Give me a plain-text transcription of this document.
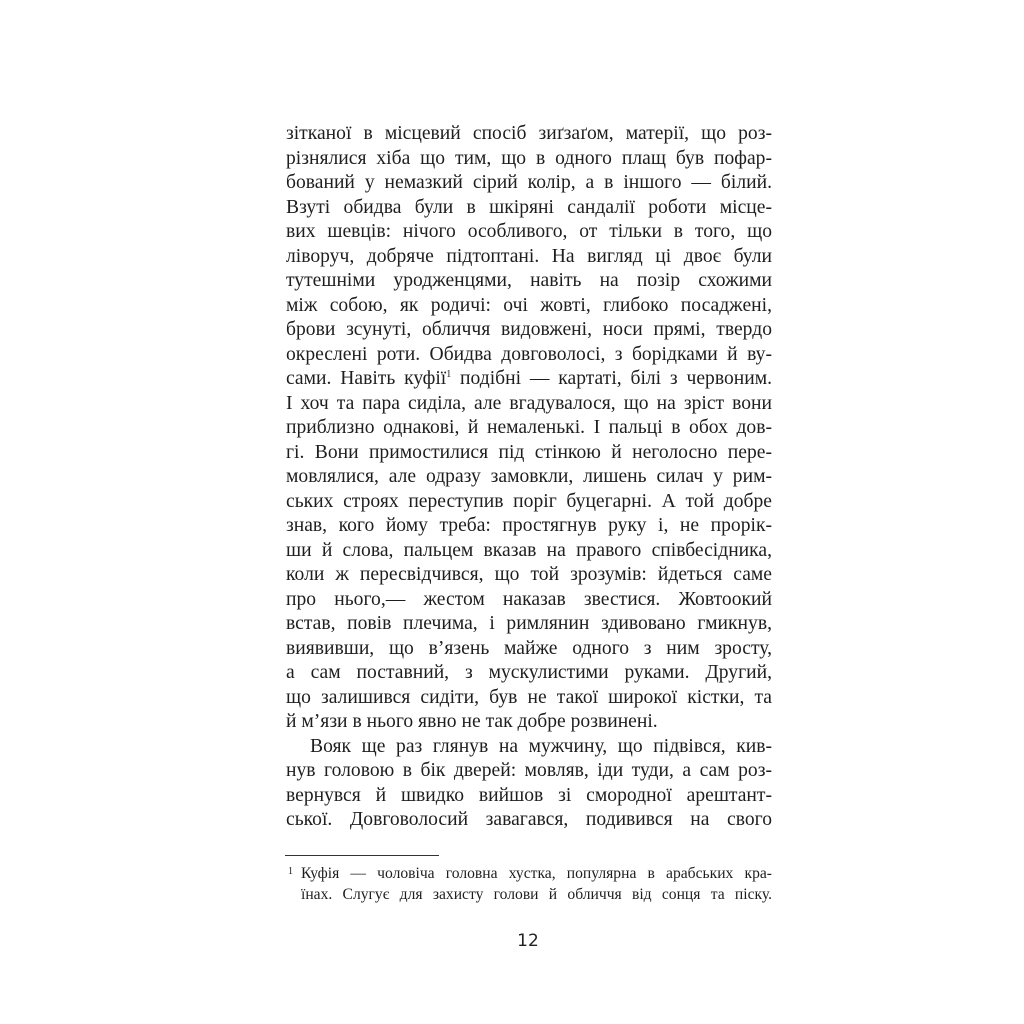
зітканої в місцевий спосіб зиґзаґом, матерії, що роз-
різнялися хіба що тим, що в одного плащ був пофар-
бований у немазкий сірий колір, а в іншого — білий.
Взуті обидва були в шкіряні сандалії роботи місце-
вих шевців: нічого особливого, от тільки в того, що
ліворуч, добряче підтоптані. На вигляд ці двоє були
тутешніми уродженцями, навіть на позір схожими
між собою, як родичі: очі жовті, глибоко посаджені,
брови зсунуті, обличчя видовжені, носи прямі, твердо
окреслені роти. Обидва довговолосі, з борідками й ву-
сами. Навіть куфії$^1$ подібні — картаті, білі з червоним.
І хоч та пара сиділа, але вгадувалося, що на зріст вони
приблизно однакові, й немаленькі. І пальці в обох дов-
гі. Вони примостилися під стінкою й неголосно пере-
мовлялися, але одразу замовкли, лишень силач у рим-
ських строях переступив поріг буцегарні. А той добре
знав, кого йому треба: простягнув руку і, не прорік-
ши й слова, пальцем вказав на правого співбесідника,
коли ж пересвідчився, що той зрозумів: йдеться саме
про нього,— жестом наказав звестися. Жовтоокий
встав, повів плечима, і римлянин здивовано гмикнув,
виявивши, що в’язень майже одного з ним зросту,
а сам поставний, з мускулистими руками. Другий,
що залишився сидіти, був не такої широкої кістки, та
й м’язи в нього явно не так добре розвинені.
Вояк ще раз глянув на мужчину, що підвівся, кив-
нув головою в бік дверей: мовляв, іди туди, а сам роз-
вернувся й швидко вийшов зі смородної арештант-
ської. Довговолосий завагався, подивився на свого
1 Куфія — чоловіча головна хустка, популярна в арабських кра-
їнах. Слугує для захисту голови й обличчя від сонця та піску.
12
